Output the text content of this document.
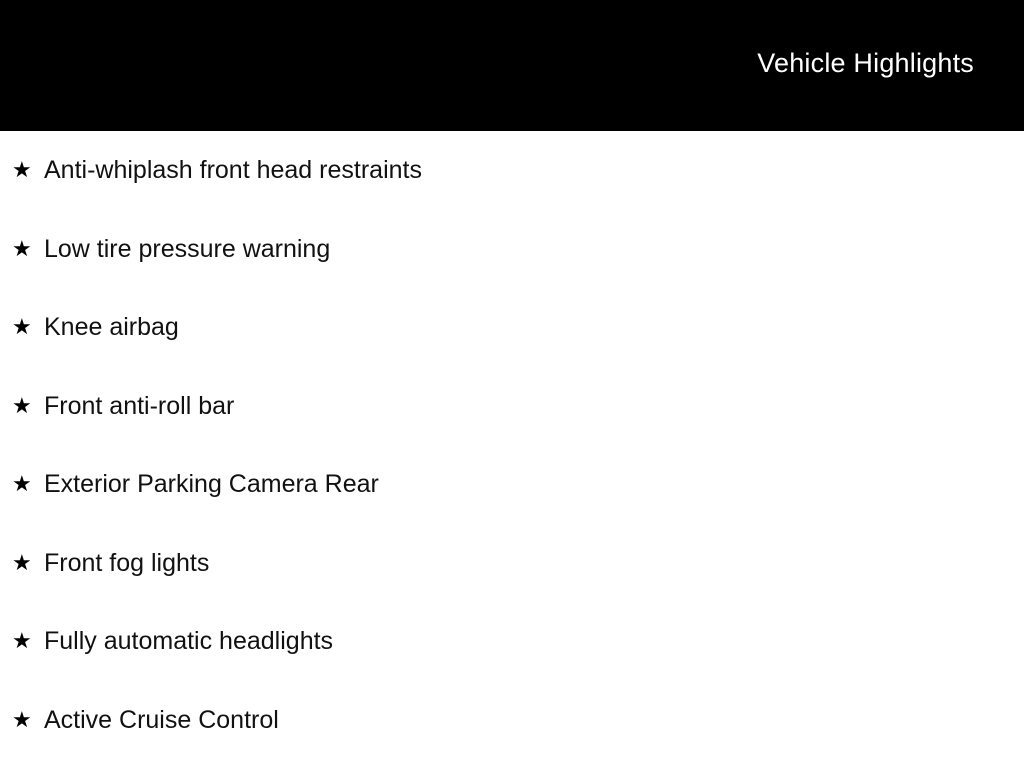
Vehicle Highlights
★ Anti-whiplash front head restraints
★ Low tire pressure warning
★ Knee airbag
★ Front anti-roll bar
★ Exterior Parking Camera Rear
★ Front fog lights
★ Fully automatic headlights
★ Active Cruise Control
